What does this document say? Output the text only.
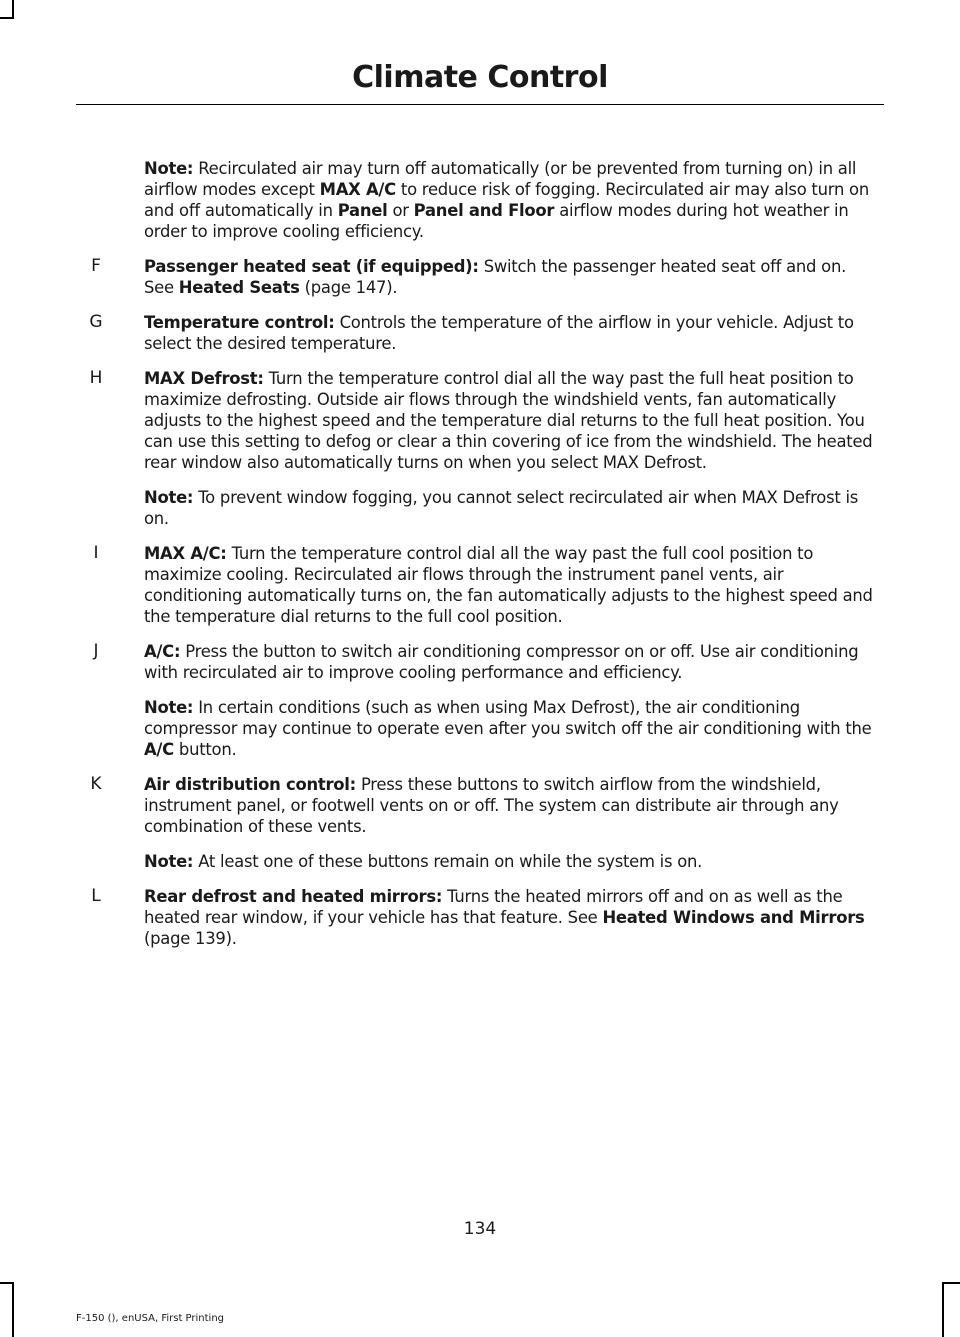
Climate Control
Note: Recirculated air may turn off automatically (or be prevented from turning on) in all airflow modes except MAX A/C to reduce risk of fogging. Recirculated air may also turn on and off automatically in Panel or Panel and Floor airflow modes during hot weather in order to improve cooling efficiency.
F	Passenger heated seat (if equipped): Switch the passenger heated seat off and on. See Heated Seats (page 147).
G	Temperature control: Controls the temperature of the airflow in your vehicle. Adjust to select the desired temperature.
H	MAX Defrost: Turn the temperature control dial all the way past the full heat position to maximize defrosting. Outside air flows through the windshield vents, fan automatically adjusts to the highest speed and the temperature dial returns to the full heat position. You can use this setting to defog or clear a thin covering of ice from the windshield. The heated rear window also automatically turns on when you select MAX Defrost.
Note: To prevent window fogging, you cannot select recirculated air when MAX Defrost is on.
I	MAX A/C: Turn the temperature control dial all the way past the full cool position to maximize cooling. Recirculated air flows through the instrument panel vents, air conditioning automatically turns on, the fan automatically adjusts to the highest speed and the temperature dial returns to the full cool position.
J	A/C: Press the button to switch air conditioning compressor on or off. Use air conditioning with recirculated air to improve cooling performance and efficiency.
Note: In certain conditions (such as when using Max Defrost), the air conditioning compressor may continue to operate even after you switch off the air conditioning with the A/C button.
K	Air distribution control: Press these buttons to switch airflow from the windshield, instrument panel, or footwell vents on or off. The system can distribute air through any combination of these vents.
Note: At least one of these buttons remain on while the system is on.
L	Rear defrost and heated mirrors: Turns the heated mirrors off and on as well as the heated rear window, if your vehicle has that feature. See Heated Windows and Mirrors (page 139).
134
F-150 (), enUSA, First Printing
